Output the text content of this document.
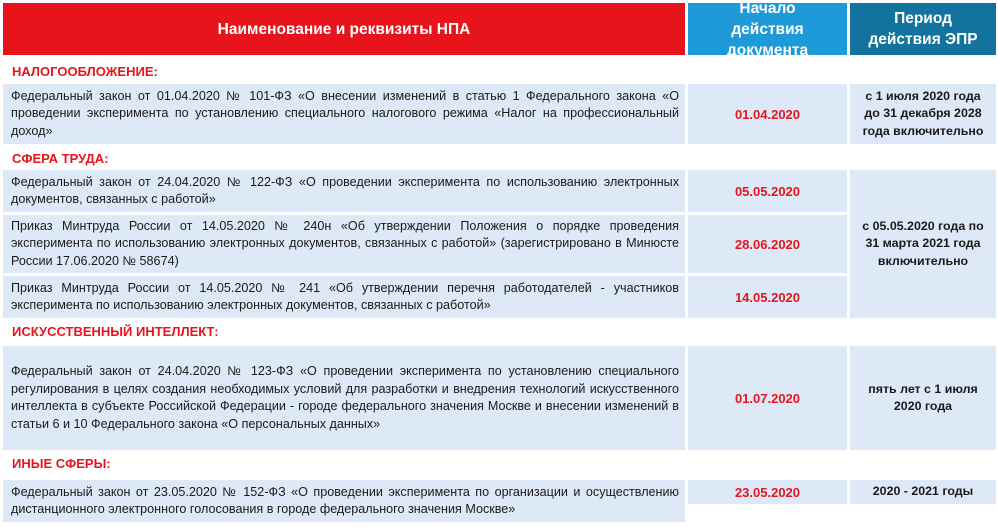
Наименование и реквизиты НПА
Начало действия документа
Период действия ЭПР
НАЛОГООБЛОЖЕНИЕ:
Федеральный закон от 01.04.2020 № 101-ФЗ «О внесении изменений в статью 1 Федерального закона «О проведении эксперимента по установлению специального налогового режима «Налог на профессиональный доход»
01.04.2020
с 1 июля 2020 года до 31 декабря 2028 года включительно
СФЕРА ТРУДА:
Федеральный закон от 24.04.2020 № 122-ФЗ «О проведении эксперимента по использованию электронных документов, связанных с работой»
05.05.2020
Приказ Минтруда России от 14.05.2020 № 240н «Об утверждении Положения о порядке проведения эксперимента по использованию электронных документов, связанных с работой» (зарегистрировано в Минюсте России 17.06.2020 № 58674)
28.06.2020
Приказ Минтруда России от 14.05.2020 № 241 «Об утверждении перечня работодателей - участников эксперимента по использованию электронных документов, связанных с работой»
14.05.2020
с 05.05.2020 года по 31 марта 2021 года включительно
ИСКУССТВЕННЫЙ ИНТЕЛЛЕКТ:
Федеральный закон от 24.04.2020 № 123-ФЗ «О проведении эксперимента по установлению специального регулирования в целях создания необходимых условий для разработки и внедрения технологий искусственного интеллекта в субъекте Российской Федерации - городе федерального значения Москве и внесении изменений в статьи 6 и 10 Федерального закона «О персональных данных»
01.07.2020
пять лет с 1 июля 2020 года
ИНЫЕ СФЕРЫ:
Федеральный закон от 23.05.2020 № 152-ФЗ «О проведении эксперимента по организации и осуществлению дистанционного электронного голосования в городе федерального значения Москве»
23.05.2020	2020 - 2021 годы
